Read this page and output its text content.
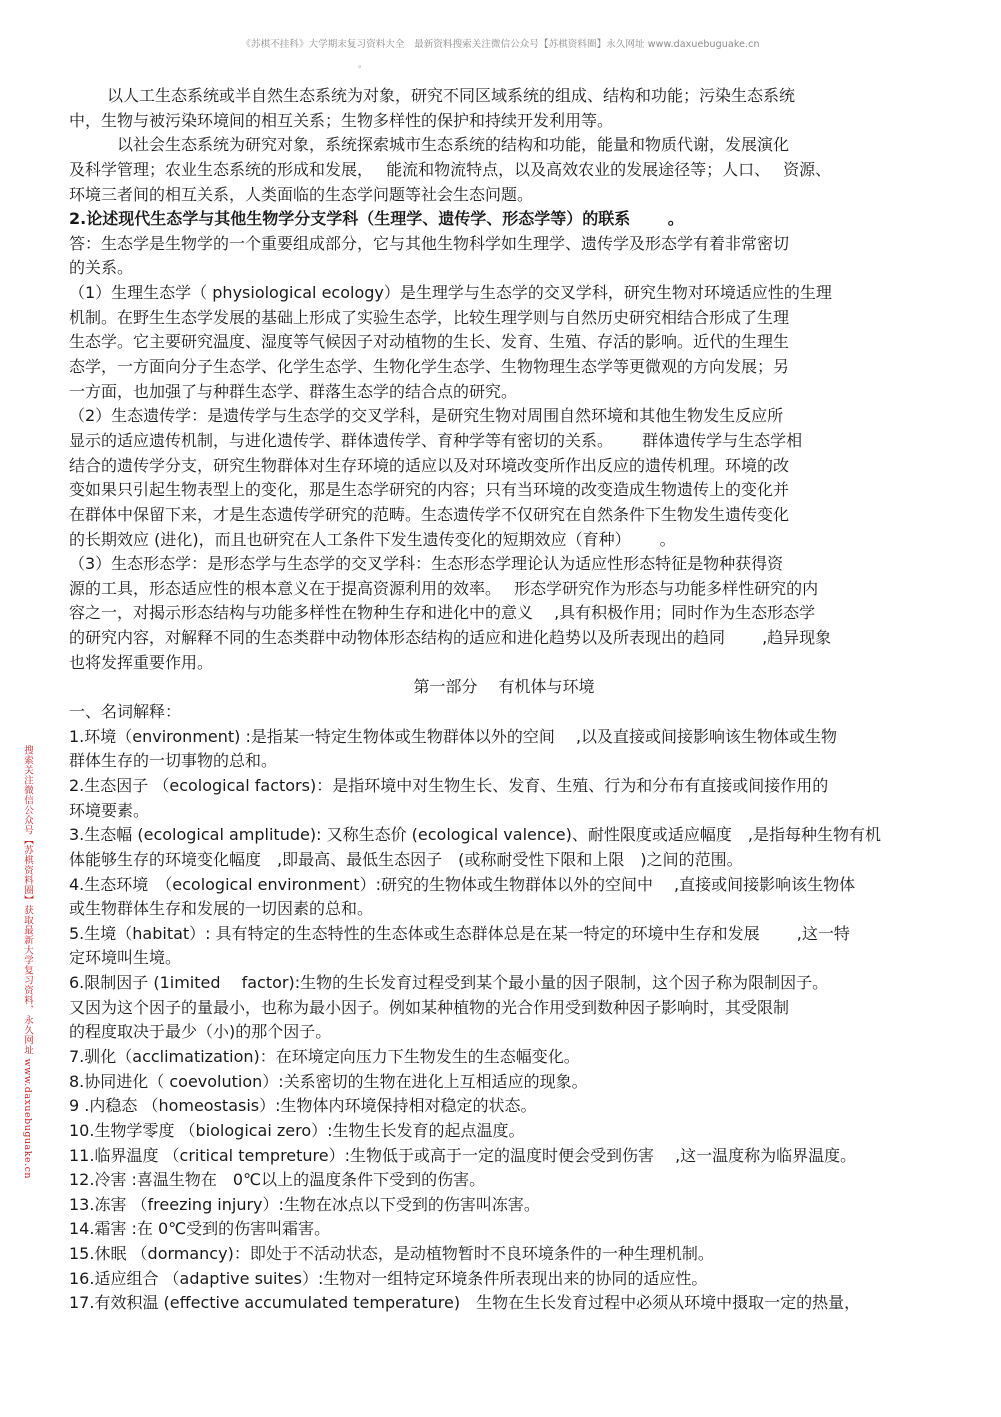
《苏棋不挂科》大学期末复习资料大全　最新资料搜索关注微信公众号【苏棋资料圈】永久网址 www.daxuebuguake.cn
。
搜索关注微信公众号【苏棋资料圈】获取最新大学复习资料，永久网址 www.daxuebuguake.cn
以人工生态系统或半自然生态系统为对象，研究不同区域系统的组成、结构和功能；污染生态系统
中，生物与被污染环境间的相互关系；生物多样性的保护和持续开发利用等。
以社会生态系统为研究对象，系统探索城市生态系统的结构和功能，能量和物质代谢，发展演化
及科学管理；农业生态系统的形成和发展，　 能流和物流特点，以及高效农业的发展途径等；人口、　 资源、
环境三者间的相互关系，人类面临的生态学问题等社会生态问题。
2.论述现代生态学与其他生物学分支学科（生理学、遗传学、形态学等）的联系　　 。
答：生态学是生物学的一个重要组成部分，它与其他生物科学如生理学、遗传学及形态学有着非常密切
的关系。
（1）生理生态学（ physiological ecology）是生理学与生态学的交叉学科，研究生物对环境适应性的生理
机制。在野生生态学发展的基础上形成了实验生态学，比较生理学则与自然历史研究相结合形成了生理
生态学。它主要研究温度、湿度等气候因子对动植物的生长、发育、生殖、存活的影响。近代的生理生
态学，一方面向分子生态学、化学生态学、生物化学生态学、生物物理生态学等更微观的方向发展；另
一方面，也加强了与种群生态学、群落生态学的结合点的研究。
（2）生态遗传学：是遗传学与生态学的交叉学科，是研究生物对周围自然环境和其他生物发生反应所
显示的适应遗传机制，与进化遗传学、群体遗传学、育种学等有密切的关系。　　 群体遗传学与生态学相
结合的遗传学分支，研究生物群体对生存环境的适应以及对环境改变所作出反应的遗传机理。环境的改
变如果只引起生物表型上的变化，那是生态学研究的内容；只有当环境的改变造成生物遗传上的变化并
在群体中保留下来，才是生态遗传学研究的范畴。生态遗传学不仅研究在自然条件下生物发生遗传变化
的长期效应 (进化)，而且也研究在人工条件下发生遗传变化的短期效应（育种）　　 。
（3）生态形态学：是形态学与生态学的交叉学科：生态形态学理论认为适应性形态特征是物种获得资
源的工具，形态适应性的根本意义在于提高资源利用的效率。　 形态学研究作为形态与功能多样性研究的内
容之一，对揭示形态结构与功能多样性在物种生存和进化中的意义　 ,具有积极作用；同时作为生态形态学
的研究内容，对解释不同的生态类群中动物体形态结构的适应和进化趋势以及所表现出的趋同　　 ,趋异现象
也将发挥重要作用。
第一部分　 有机体与环境
一、名词解释：
1.环境（environment) :是指某一特定生物体或生物群体以外的空间　 ,以及直接或间接影响该生物体或生物
群体生存的一切事物的总和。
2.生态因子 （ecological factors)：是指环境中对生物生长、发育、生殖、行为和分布有直接或间接作用的
环境要素。
3.生态幅 (ecological amplitude): 又称生态价 (ecological valence)、耐性限度或适应幅度　,是指每种生物有机
体能够生存的环境变化幅度　,即最高、最低生态因子　(或称耐受性下限和上限　)之间的范围。
4.生态环境　（ecological environment）:研究的生物体或生物群体以外的空间中　 ,直接或间接影响该生物体
或生物群体生存和发展的一切因素的总和。
5.生境（habitat）: 具有特定的生态特性的生态体或生态群体总是在某一特定的环境中生存和发展　　 ,这一特
定环境叫生境。
6.限制因子 (1imited　 factor):生物的生长发育过程受到某个最小量的因子限制，这个因子称为限制因子。
又因为这个因子的量最小，也称为最小因子。例如某种植物的光合作用受到数种因子影响时，其受限制
的程度取决于最少（小)的那个因子。
7.驯化（acclimatization)：在环境定向压力下生物发生的生态幅变化。
8.协同进化（ coevolution）:关系密切的生物在进化上互相适应的现象。
9 .内稳态 （homeostasis）:生物体内环境保持相对稳定的状态。
10.生物学零度 （biologicai zero）:生物生长发育的起点温度。
11.临界温度 （critical tempreture）:生物低于或高于一定的温度时便会受到伤害　 ,这一温度称为临界温度。
12.冷害 :喜温生物在　0℃以上的温度条件下受到的伤害。
13.冻害 （freezing injury）:生物在冰点以下受到的伤害叫冻害。
14.霜害 :在 0℃受到的伤害叫霜害。
15.休眠 （dormancy)：即处于不活动状态，是动植物暂时不良环境条件的一种生理机制。
16.适应组合 （adaptive suites）:生物对一组特定环境条件所表现出来的协同的适应性。
17.有效积温 (effective accumulated temperature)　生物在生长发育过程中必须从环境中摄取一定的热量，
